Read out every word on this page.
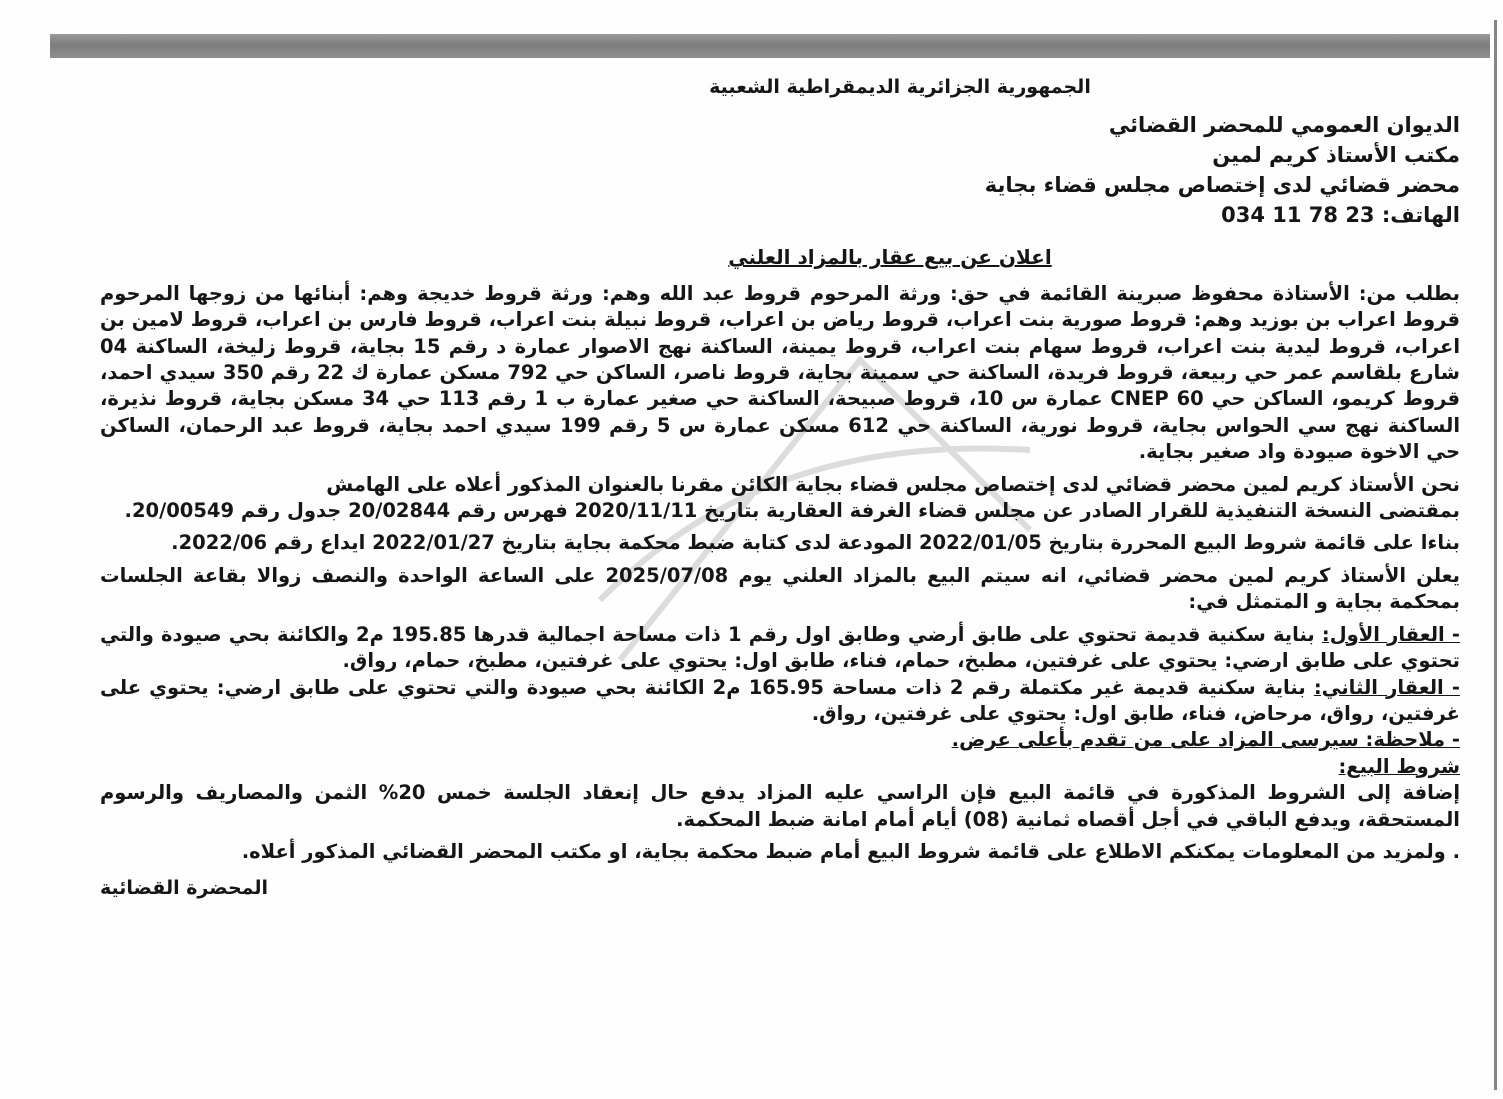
الجمهورية الجزائرية الديمقراطية الشعبية

الديوان العمومي للمحضر القضائي

مكتب الأستاذ كريم لمين

محضر قضائي لدى إختصاص مجلس قضاء بجاية

الهاتف: 034 11 78 23

اعلان عن بيع عقار بالمزاد العلني

بطلب من: الأستاذة محفوظ صبرينة القائمة في حق: ورثة المرحوم قروط عبد الله وهم: ورثة قروط خديجة وهم: أبنائها من زوجها المرحوم قروط اعراب بن بوزيد وهم: قروط صورية بنت اعراب، قروط رياض بن اعراب، قروط نبيلة بنت اعراب، قروط فارس بن اعراب، قروط لامين بن اعراب، قروط ليدية بنت اعراب، قروط سهام بنت اعراب، قروط يمينة، الساكنة نهج الاصوار عمارة د رقم 15 بجاية، قروط زليخة، الساكنة 04 شارع بلقاسم عمر حي ربيعة، قروط فريدة، الساكنة حي سمينة بجاية، قروط ناصر، الساكن حي 792 مسكن عمارة ك 22 رقم 350 سيدي احمد، قروط كريمو، الساكن حي CNEP 60 عمارة س 10، قروط صبيحة، الساكنة حي صغير عمارة ب 1 رقم 113 حي 34 مسكن بجاية، قروط نذيرة، الساكنة نهج سي الحواس بجاية، قروط نورية، الساكنة حي 612 مسكن عمارة س 5 رقم 199 سيدي احمد بجاية، قروط عبد الرحمان، الساكن حي الاخوة صيودة واد صغير بجاية.

نحن الأستاذ كريم لمين محضر قضائي لدى إختصاص مجلس قضاء بجاية الكائن مقرنا بالعنوان المذكور أعلاه على الهامش

بمقتضى النسخة التنفيذية للقرار الصادر عن مجلس قضاء الغرفة العقارية بتاريخ 2020/11/11 فهرس رقم 20/02844 جدول رقم 20/00549.

بناءا على قائمة شروط البيع المحررة بتاريخ 2022/01/05 المودعة لدى كتابة ضبط محكمة بجاية بتاريخ 2022/01/27 ايداع رقم 2022/06.

يعلن الأستاذ كريم لمين محضر قضائي، انه سيتم البيع بالمزاد العلني يوم 2025/07/08 على الساعة الواحدة والنصف زوالا بقاعة الجلسات بمحكمة بجاية و المتمثل في:

- العقار الأول: بناية سكنية قديمة تحتوي على طابق أرضي وطابق اول رقم 1 ذات مساحة اجمالية قدرها 195.85 م2 والكائنة بحي صيودة والتي تحتوي على طابق ارضي: يحتوي على غرفتين، مطبخ، حمام، فناء، طابق اول: يحتوي على غرفتين، مطبخ، حمام، رواق.

- العقار الثاني: بناية سكنية قديمة غير مكتملة رقم 2 ذات مساحة 165.95 م2 الكائنة بحي صيودة والتي تحتوي على طابق ارضي: يحتوي على غرفتين، رواق، مرحاض، فناء، طابق اول: يحتوي على غرفتين، رواق.

- ملاحظة: سيرسى المزاد على من تقدم بأعلى عرض.

شروط البيع:

إضافة إلى الشروط المذكورة في قائمة البيع فإن الراسي عليه المزاد يدفع حال إنعقاد الجلسة خمس 20% الثمن والمصاريف والرسوم المستحقة، ويدفع الباقي في أجل أقصاه ثمانية (08) أيام أمام امانة ضبط المحكمة.

. ولمزيد من المعلومات يمكنكم الاطلاع على قائمة شروط البيع أمام ضبط محكمة بجاية، او مكتب المحضر القضائي المذكور أعلاه.

المحضرة القضائية
